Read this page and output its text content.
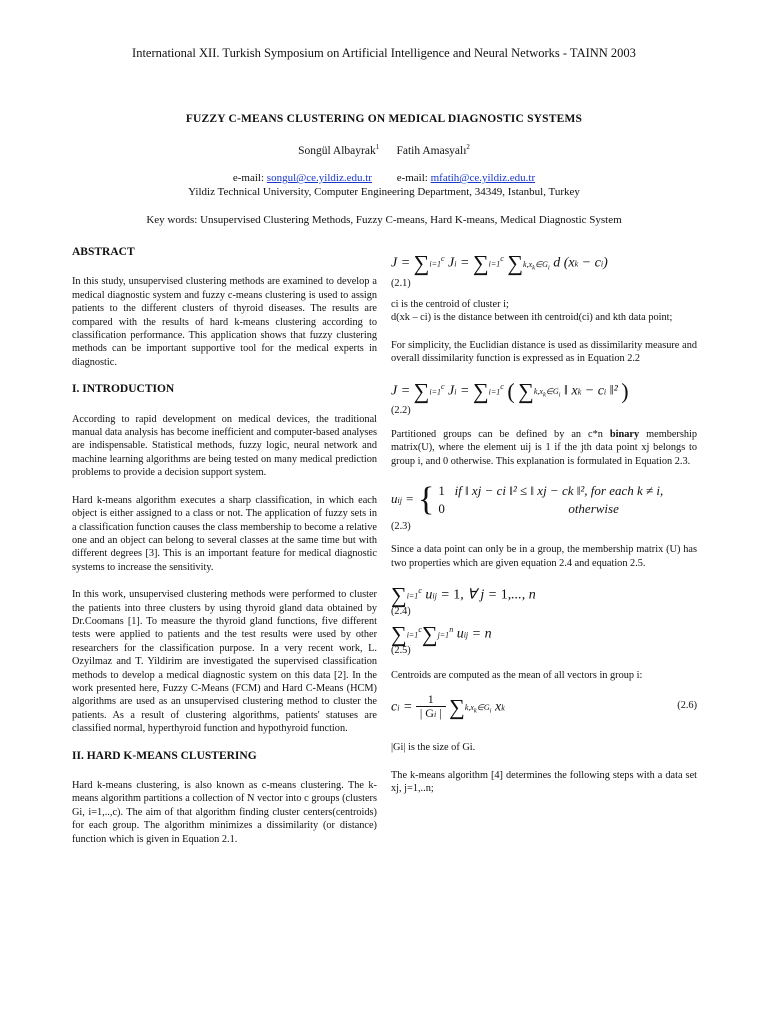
International XII. Turkish Symposium on Artificial Intelligence and Neural Networks - TAINN 2003
FUZZY C-MEANS CLUSTERING ON MEDICAL DIAGNOSTIC SYSTEMS
Songül Albayrak$^1$ Fatih Amasyalı$^2$
e-mail: songul@ce.yildiz.edu.tr e-mail: mfatih@ce.yildiz.edu.tr
Yildiz Technical University, Computer Engineering Department, 34349, Istanbul, Turkey
Key words: Unsupervised Clustering Methods, Fuzzy C-means, Hard K-means, Medical Diagnostic System
ABSTRACT

In this study, unsupervised clustering methods are examined to develop a medical diagnostic system and fuzzy c-means clustering is used to assign patients to the different clusters of thyroid diseases. The results are compared with the results of hard k-means clustering according to classification performance. This application shows that fuzzy clustering methods can be important supportive tool for the medical experts in diagnostic.

I. INTRODUCTION

According to rapid development on medical devices, the traditional manual data analysis has become inefficient and computer-based analyses are indispensable. Statistical methods, fuzzy logic, neural network and machine learning algorithms are being tested on many medical prediction problems to provide a decision support system.

Hard k-means algorithm executes a sharp classification, in which each object is either assigned to a class or not. The application of fuzzy sets in a classification function causes the class membership to become a relative one and an object can belong to several classes at the same time but with different degrees [3]. This is an important feature for medical diagnostic systems to increase the sensitivity.

In this work, unsupervised clustering methods were performed to cluster the patients into three clusters by using thyroid gland data obtained by Dr.Coomans [1]. To measure the thyroid gland functions, five different tests were applied to patients and the test results were used by other researchers for the classification purpose. In a very recent work, L. Ozyilmaz and T. Yildirim are investigated the supervised classification methods to develop a medical diagnostic system on this data [2]. In the work presented here, Fuzzy C-Means (FCM) and Hard C-Means (HCM) algorithms are used as an unsupervised clustering method to cluster the patients. As a result of clustering algorithms, patients' statuses are classified normal, hyperthyroid function and hypothyroid function.

II. HARD K-MEANS CLUSTERING

Hard k-means clustering, is also known as c-means clustering. The k-means algorithm partitions a collection of N vector into c groups (clusters Gi, i=1,..,c). The aim of that algorithm finding cluster centers(centroids) for each group. The algorithm minimizes a dissimilarity (or distance) function which is given in Equation 2.1.

$J = \sum i=1^c$ $Ji = \sum i=1^c$ $\sum k,x_k\in G_i$ d (xk − ci)
(2.1)

ci is the centroid of cluster i;

d(xk – ci) is the distance between ith centroid(ci) and kth data point;

For simplicity, the Euclidian distance is used as dissimilarity measure and overall dissimilarity function is expressed as in Equation 2.2

$J = \sum i=1^c$ $Ji = \sum i=1^c$ ( $\sum k,x_k\in G_i$ ‖ xk − ci ‖² )
(2.2)

Partitioned groups can be defined by an c*n binary membership matrix(U), where the element uij is 1 if the jth data point xj belongs to group i, and 0 otherwise. This explanation is formulated in Equation 2.3.

uij = { 1 if ‖ xj − ci ‖² ≤ ‖ xj − ck ‖², for each k ≠ i,
0	otherwise
(2.3)

Since a data point can only be in a group, the membership matrix (U) has two properties which are given equation 2.4 and equation 2.5.

$\sum i=1^c$ uij = 1, ∀ j = 1,..., n
(2.4)
$\sum i=1^c\sum j=1^n$ uij = n
(2.5)

Centroids are computed as the mean of all vectors in group i:

ci = $\frac{1}{| Gi |}$ $\sum k,x_k\in G_i$ xk	(2.6)

|Gi| is the size of Gi.

The k-means algorithm [4] determines the following steps with a data set xj, j=1,..n;
